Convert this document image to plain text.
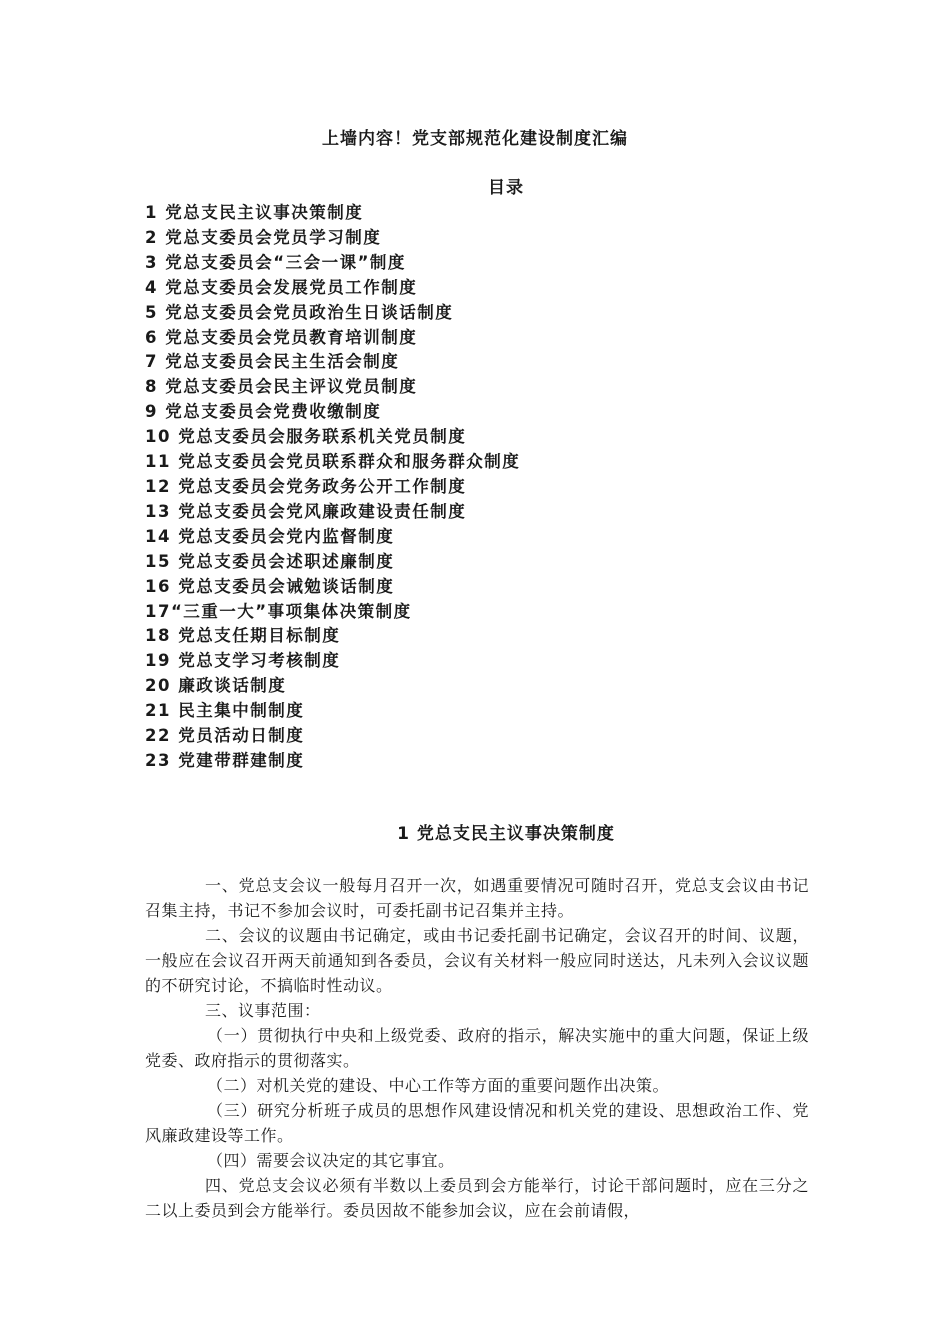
上墙内容！党支部规范化建设制度汇编
目录
1 党总支民主议事决策制度
2 党总支委员会党员学习制度
3 党总支委员会“三会一课”制度
4 党总支委员会发展党员工作制度
5 党总支委员会党员政治生日谈话制度
6 党总支委员会党员教育培训制度
7 党总支委员会民主生活会制度
8 党总支委员会民主评议党员制度
9 党总支委员会党费收缴制度
10 党总支委员会服务联系机关党员制度
11 党总支委员会党员联系群众和服务群众制度
12 党总支委员会党务政务公开工作制度
13 党总支委员会党风廉政建设责任制度
14 党总支委员会党内监督制度
15 党总支委员会述职述廉制度
16 党总支委员会诫勉谈话制度
17“三重一大”事项集体决策制度
18 党总支任期目标制度
19 党总支学习考核制度
20 廉政谈话制度
21 民主集中制制度
22 党员活动日制度
23 党建带群建制度
1 党总支民主议事决策制度

一、党总支会议一般每月召开一次，如遇重要情况可随时召开，党总支会议由书记召集主持，书记不参加会议时，可委托副书记召集并主持。

二、会议的议题由书记确定，或由书记委托副书记确定，会议召开的时间、议题，一般应在会议召开两天前通知到各委员，会议有关材料一般应同时送达，凡未列入会议议题的不研究讨论，不搞临时性动议。

三、议事范围：

（一）贯彻执行中央和上级党委、政府的指示，解决实施中的重大问题，保证上级党委、政府指示的贯彻落实。

（二）对机关党的建设、中心工作等方面的重要问题作出决策。

（三）研究分析班子成员的思想作风建设情况和机关党的建设、思想政治工作、党风廉政建设等工作。

（四）需要会议决定的其它事宜。

四、党总支会议必须有半数以上委员到会方能举行，讨论干部问题时，应在三分之二以上委员到会方能举行。委员因故不能参加会议，应在会前请假，
